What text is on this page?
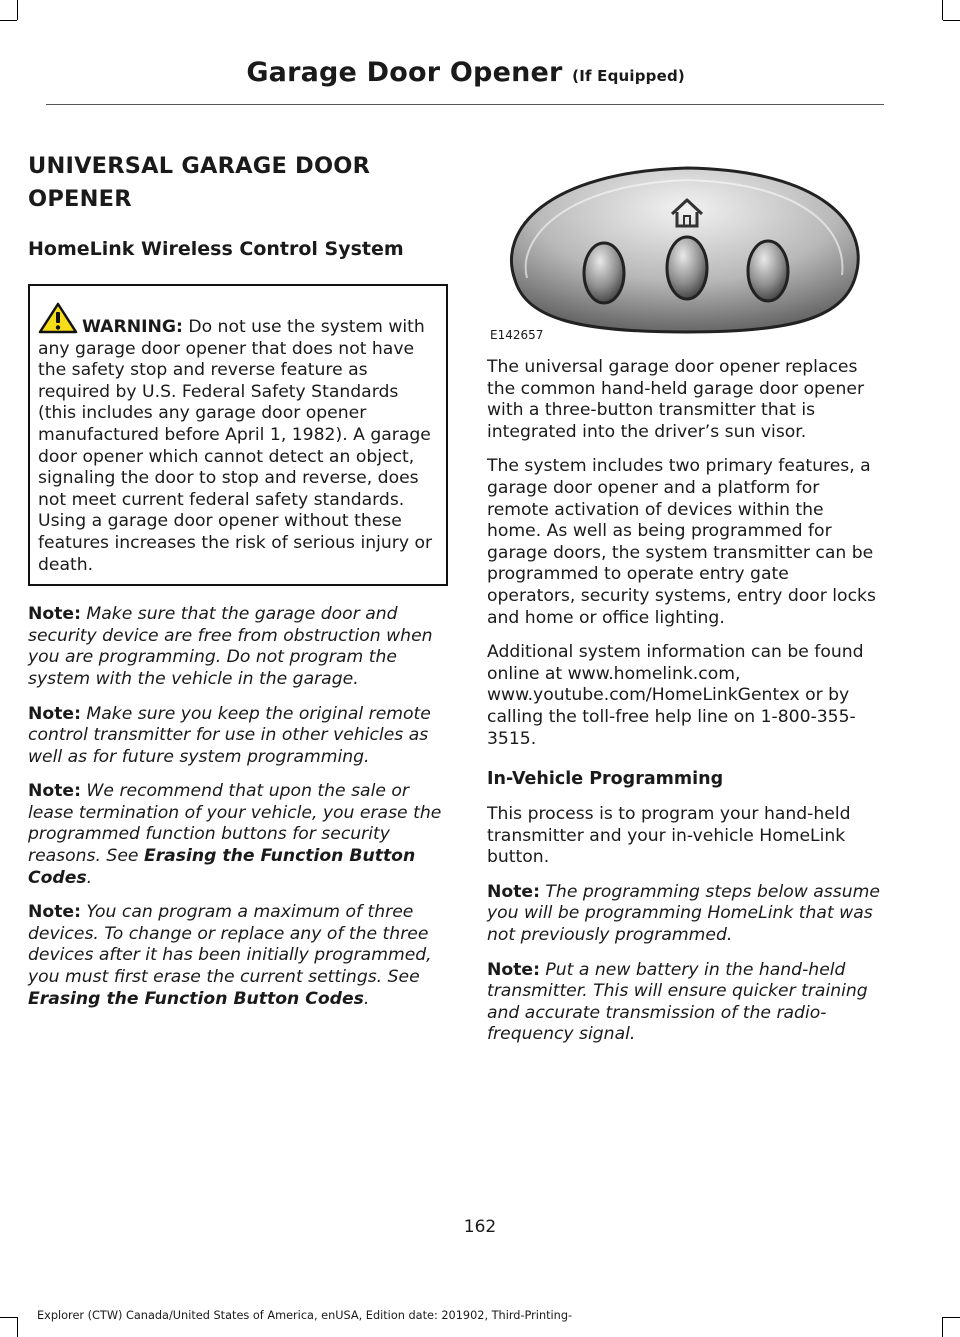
Garage Door Opener (If Equipped)
UNIVERSAL GARAGE DOOR OPENER
HomeLink Wireless Control System

WARNING: Do not use the system with any garage door opener that does not have the safety stop and reverse feature as required by U.S. Federal Safety Standards (this includes any garage door opener manufactured before April 1, 1982). A garage door opener which cannot detect an object, signaling the door to stop and reverse, does not meet current federal safety standards. Using a garage door opener without these features increases the risk of serious injury or death.

Note: Make sure that the garage door and security device are free from obstruction when you are programming. Do not program the system with the vehicle in the garage.

Note: Make sure you keep the original remote control transmitter for use in other vehicles as well as for future system programming.

Note: We recommend that upon the sale or lease termination of your vehicle, you erase the programmed function buttons for security reasons. See Erasing the Function Button Codes.

Note: You can program a maximum of three devices. To change or replace any of the three devices after it has been initially programmed, you must first erase the current settings. See Erasing the Function Button Codes.

E142657

The universal garage door opener replaces the common hand-held garage door opener with a three-button transmitter that is integrated into the driver’s sun visor.

The system includes two primary features, a garage door opener and a platform for remote activation of devices within the home. As well as being programmed for garage doors, the system transmitter can be programmed to operate entry gate operators, security systems, entry door locks and home or office lighting.

Additional system information can be found online at www.homelink.com, www.youtube.com/HomeLinkGentex or by calling the toll-free help line on 1-800-355-3515.

In-Vehicle Programming

This process is to program your hand-held transmitter and your in-vehicle HomeLink button.

Note: The programming steps below assume you will be programming HomeLink that was not previously programmed.

Note: Put a new battery in the hand-held transmitter. This will ensure quicker training and accurate transmission of the radio-frequency signal.

162
Explorer (CTW) Canada/United States of America, enUSA, Edition date: 201902, Third-Printing-
